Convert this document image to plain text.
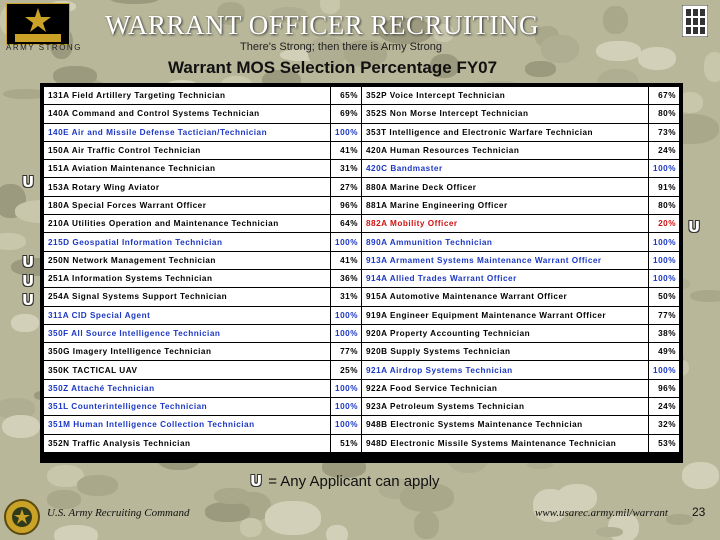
ARMY STRONG
WARRANT OFFICER RECRUITING
There's Strong; then there is Army Strong
Warrant MOS Selection Percentage FY07
131A Field Artillery Targeting Technician	65%	352P Voice Intercept Technician	67%
140A Command and Control Systems Technician	69%	352S Non Morse Intercept Technician	80%
140E Air and Missile Defense Tactician/Technician	100%	353T Intelligence and Electronic Warfare Technician	73%
150A Air Traffic Control Technician	41%	420A Human Resources Technician	24%
151A Aviation Maintenance Technician	31%	420C Bandmaster	100%
153A Rotary Wing Aviator	27%	880A Marine Deck Officer	91%
180A Special Forces Warrant Officer	96%	881A Marine Engineering Officer	80%
210A Utilities Operation and Maintenance Technician	64%	882A Mobility Officer	20%
215D Geospatial Information Technician	100%	890A Ammunition Technician	100%
250N Network Management Technician	41%	913A Armament Systems Maintenance Warrant Officer	100%
251A Information Systems Technician	36%	914A Allied Trades Warrant Officer	100%
254A Signal Systems Support Technician	31%	915A Automotive Maintenance Warrant Officer	50%
311A CID Special Agent	100%	919A Engineer Equipment Maintenance Warrant Officer	77%
350F All Source Intelligence Technician	100%	920A Property Accounting Technician	38%
350G Imagery Intelligence Technician	77%	920B Supply Systems Technician	49%
350K TACTICAL UAV	25%	921A Airdrop Systems Technician	100%
350Z Attaché Technician	100%	922A Food Service Technician	96%
351L Counterintelligence Technician	100%	923A Petroleum Systems Technician	24%
351M Human Intelligence Collection Technician	100%	948B Electronic Systems Maintenance Technician	32%
352N Traffic Analysis Technician	51%	948D Electronic Missile Systems Maintenance Technician	53%
U
U
U
U
U
U = Any Applicant can apply
U.S. Army Recruiting Command	www.usarec.army.mil/warrant 23
